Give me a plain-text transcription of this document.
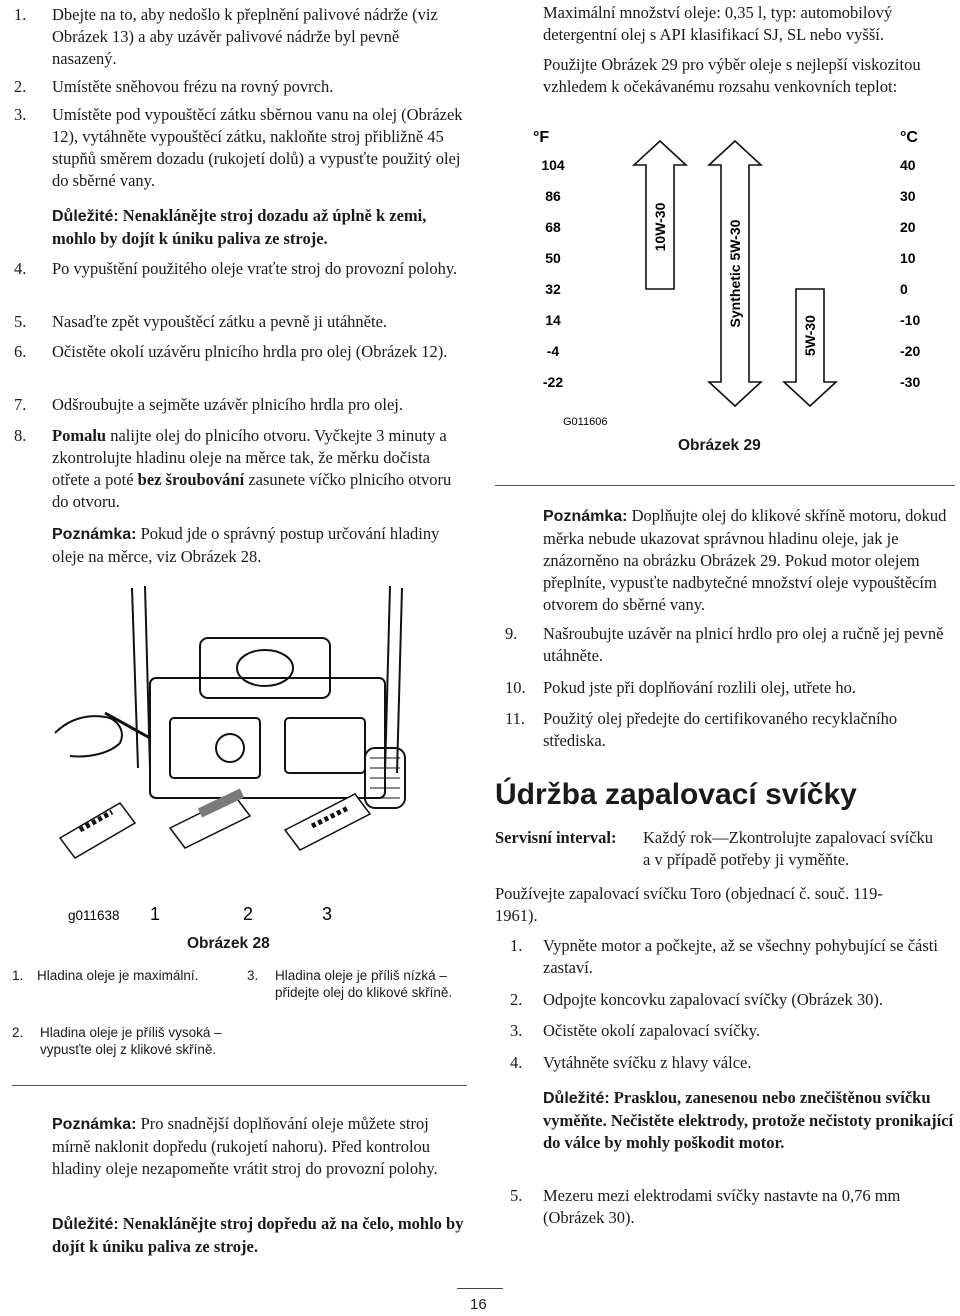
1. Dbejte na to, aby nedošlo k přeplnění palivové nádrže (viz Obrázek 13) a aby uzávěr palivové nádrže byl pevně nasazený.
2. Umístěte sněhovou frézu na rovný povrch.
3. Umístěte pod vypouštěcí zátku sběrnou vanu na olej (Obrázek 12), vytáhněte vypouštěcí zátku, nakloňte stroj přibližně 45 stupňů směrem dozadu (rukojetí dolů) a vypusťte použitý olej do sběrné vany.
Důležité: Nenaklánějte stroj dozadu až úplně k zemi, mohlo by dojít k úniku paliva ze stroje.
4. Po vypuštění použitého oleje vraťte stroj do provozní polohy.
5. Nasaďte zpět vypouštěcí zátku a pevně ji utáhněte.
6. Očistěte okolí uzávěru plnicího hrdla pro olej (Obrázek 12).
7. Odšroubujte a sejměte uzávěr plnicího hrdla pro olej.
8. Pomalu nalijte olej do plnicího otvoru. Vyčkejte 3 minuty a zkontrolujte hladinu oleje na měrce tak, že měrku dočista otřete a poté bez šroubování zasunete víčko plnicího otvoru do otvoru.
Poznámka: Pokud jde o správný postup určování hladiny oleje na měrce, viz Obrázek 28.
g011638 1	2	3
Obrázek 28
1. Hladina oleje je maximální.
2. Hladina oleje je příliš vysoká – vypusťte olej z klikové skříně.
3. Hladina oleje je příliš nízká – přidejte olej do klikové skříně.
Poznámka: Pro snadnější doplňování oleje můžete stroj mírně naklonit dopředu (rukojetí nahoru). Před kontrolou hladiny oleje nezapomeňte vrátit stroj do provozní polohy.
Důležité: Nenaklánějte stroj dopředu až na čelo, mohlo by dojít k úniku paliva ze stroje.
Maximální množství oleje: 0,35 l, typ: automobilový detergentní olej s API klasifikací SJ, SL nebo vyšší.
Použijte Obrázek 29 pro výběr oleje s nejlepší viskozitou vzhledem k očekávanému rozsahu venkovních teplot:
°F
104
86
68
50
32
14
-4
-22
°C
40
30
20
10
0
-10
-20
-30
10W-30	Synthetic 5W-30
5W-30
G011606
Obrázek 29
Poznámka: Doplňujte olej do klikové skříně motoru, dokud měrka nebude ukazovat správnou hladinu oleje, jak je znázorněno na obrázku Obrázek 29. Pokud motor olejem přeplníte, vypusťte nadbytečné množství oleje vypouštěcím otvorem do sběrné vany.
9. Našroubujte uzávěr na plnicí hrdlo pro olej a ručně jej pevně utáhněte.
10. Pokud jste při doplňování rozlili olej, utřete ho.
11. Použitý olej předejte do certifikovaného recyklačního střediska.
Údržba zapalovací svíčky
Servisní interval: Každý rok—Zkontrolujte zapalovací svíčku a v případě potřeby ji vyměňte.
Používejte zapalovací svíčku Toro (objednací č. souč. 119-1961).
1. Vypněte motor a počkejte, až se všechny pohybující se části zastaví.
2. Odpojte koncovku zapalovací svíčky (Obrázek 30).
3. Očistěte okolí zapalovací svíčky.
4. Vytáhněte svíčku z hlavy válce.
Důležité: Prasklou, zanesenou nebo znečištěnou svíčku vyměňte. Nečistěte elektrody, protože nečistoty pronikající do válce by mohly poškodit motor.
5. Mezeru mezi elektrodami svíčky nastavte na 0,76 mm (Obrázek 30).
16
